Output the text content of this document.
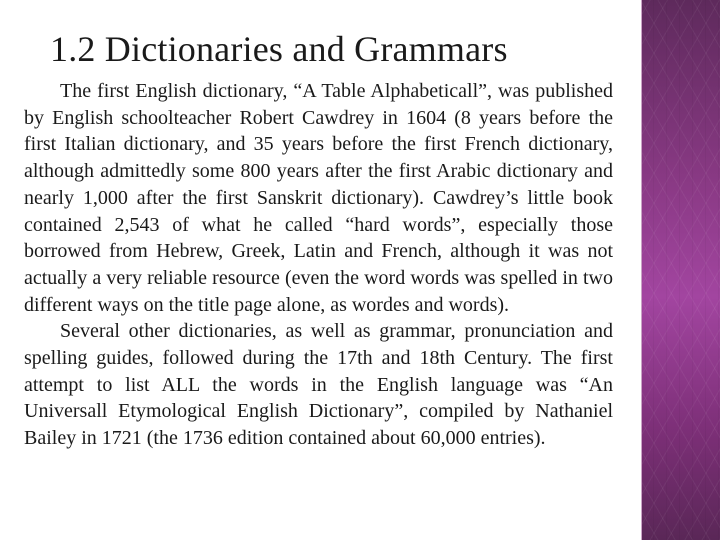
1.2 Dictionaries and Grammars

The first English dictionary, “A Table Alphabeticall”, was published by English schoolteacher Robert Cawdrey in 1604 (8 years before the first Italian dictionary, and 35 years before the first French dictionary, although admittedly some 800 years after the first Arabic dictionary and nearly 1,000 after the first Sanskrit dictionary). Cawdrey’s little book contained 2,543 of what he called “hard words”, especially those borrowed from Hebrew, Greek, Latin and French, although it was not actually a very reliable resource (even the word words was spelled in two different ways on the title page alone, as wordes and words).

Several other dictionaries, as well as grammar, pronunciation and spelling guides, followed during the 17th and 18th Century. The first attempt to list ALL the words in the English language was “An Universall Etymological English Dictionary”, compiled by Nathaniel Bailey in 1721 (the 1736 edition contained about 60,000 entries).
